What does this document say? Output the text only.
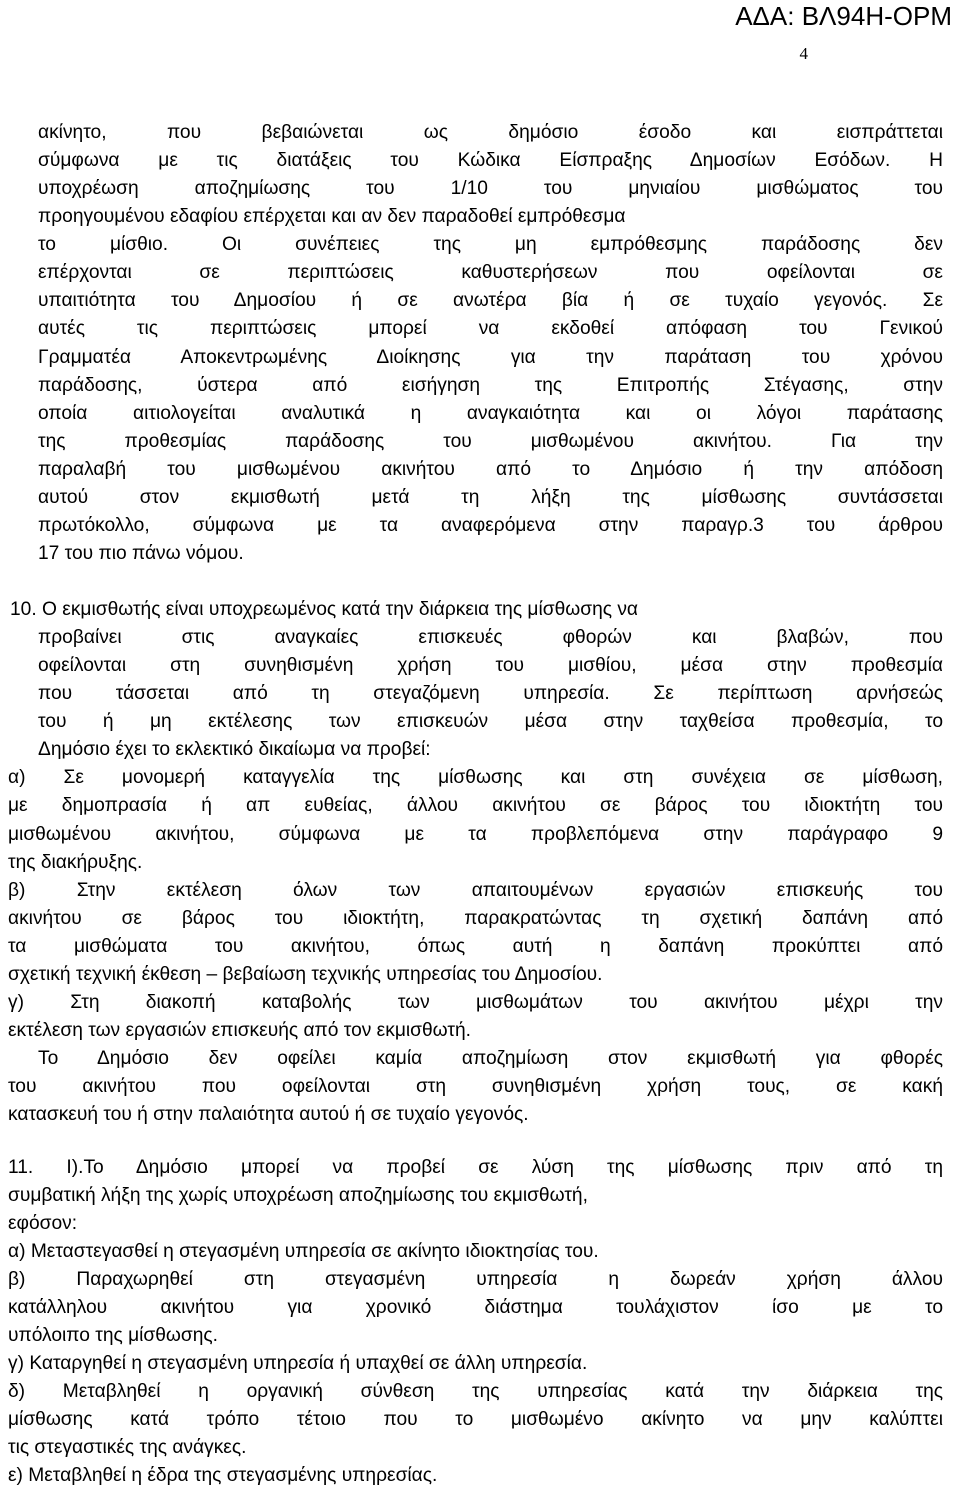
ΑΔΑ: ΒΛ94Η-ΟΡΜ
4
ακίνητο, που βεβαιώνεται ως δημόσιο έσοδο και εισπράττεται
σύμφωνα με τις διατάξεις του Κώδικα Είσπραξης Δημοσίων Εσόδων. Η
υποχρέωση αποζημίωσης του 1/10 του μηνιαίου μισθώματος του
προηγουμένου εδαφίου επέρχεται και αν δεν παραδοθεί εμπρόθεσμα
το μίσθιο. Οι συνέπειες της μη εμπρόθεσμης παράδοσης δεν
επέρχονται σε περιπτώσεις καθυστερήσεων που οφείλονται σε
υπαιτιότητα του Δημοσίου ή σε ανωτέρα βία ή σε τυχαίο γεγονός. Σε
αυτές τις περιπτώσεις μπορεί να εκδοθεί απόφαση του Γενικού
Γραμματέα Αποκεντρωμένης Διοίκησης για την παράταση του χρόνου
παράδοσης, ύστερα από εισήγηση της Επιτροπής Στέγασης, στην
οποία αιτιολογείται αναλυτικά η αναγκαιότητα και οι λόγοι παράτασης
της προθεσμίας παράδοσης του μισθωμένου ακινήτου. Για την
παραλαβή του μισθωμένου ακινήτου από το Δημόσιο ή την απόδοση
αυτού στον εκμισθωτή μετά τη λήξη της μίσθωσης συντάσσεται
πρωτόκολλο, σύμφωνα με τα αναφερόμενα στην παραγρ.3 του άρθρου
17 του πιο πάνω νόμου.
10. Ο εκμισθωτής είναι υποχρεωμένος κατά την διάρκεια της μίσθωσης να
προβαίνει στις αναγκαίες επισκευές φθορών και βλαβών, που
οφείλονται στη συνηθισμένη χρήση του μισθίου, μέσα στην προθεσμία
που τάσσεται από τη στεγαζόμενη υπηρεσία. Σε περίπτωση αρνήσεώς
του ή μη εκτέλεσης των επισκευών μέσα στην ταχθείσα προθεσμία, το
Δημόσιο έχει το εκλεκτικό δικαίωμα να προβεί:
α) Σε μονομερή καταγγελία της μίσθωσης και στη συνέχεια σε μίσθωση,
με δημοπρασία ή απ ευθείας, άλλου ακινήτου σε βάρος του ιδιοκτήτη του
μισθωμένου ακινήτου, σύμφωνα με τα προβλεπόμενα στην παράγραφο 9
της διακήρυξης.
β) Στην εκτέλεση όλων των απαιτουμένων εργασιών επισκευής του
ακινήτου σε βάρος του ιδιοκτήτη, παρακρατώντας τη σχετική δαπάνη από
τα μισθώματα του ακινήτου, όπως αυτή η δαπάνη προκύπτει από
σχετική τεχνική έκθεση – βεβαίωση τεχνικής υπηρεσίας του Δημοσίου.
γ) Στη διακοπή καταβολής των μισθωμάτων του ακινήτου μέχρι την
εκτέλεση των εργασιών επισκευής από τον εκμισθωτή.
Το Δημόσιο δεν οφείλει καμία αποζημίωση στον εκμισθωτή για φθορές
του ακινήτου που οφείλονται στη συνηθισμένη χρήση τους, σε κακή
κατασκευή του ή στην παλαιότητα αυτού ή σε τυχαίο γεγονός.
11. Ι).Το Δημόσιο μπορεί να προβεί σε λύση της μίσθωσης πριν από τη
συμβατική λήξη της χωρίς υποχρέωση αποζημίωσης του εκμισθωτή,
εφόσον:
α) Μεταστεγασθεί η στεγασμένη υπηρεσία σε ακίνητο ιδιοκτησίας του.
β) Παραχωρηθεί στη στεγασμένη υπηρεσία η δωρεάν χρήση άλλου
κατάλληλου ακινήτου για χρονικό διάστημα τουλάχιστον ίσο με το
υπόλοιπο της μίσθωσης.
γ) Καταργηθεί η στεγασμένη υπηρεσία ή υπαχθεί σε άλλη υπηρεσία.
δ) Μεταβληθεί η οργανική σύνθεση της υπηρεσίας κατά την διάρκεια της
μίσθωσης κατά τρόπο τέτοιο που το μισθωμένο ακίνητο να μην καλύπτει
τις στεγαστικές της ανάγκες.
ε) Μεταβληθεί η έδρα της στεγασμένης υπηρεσίας.
